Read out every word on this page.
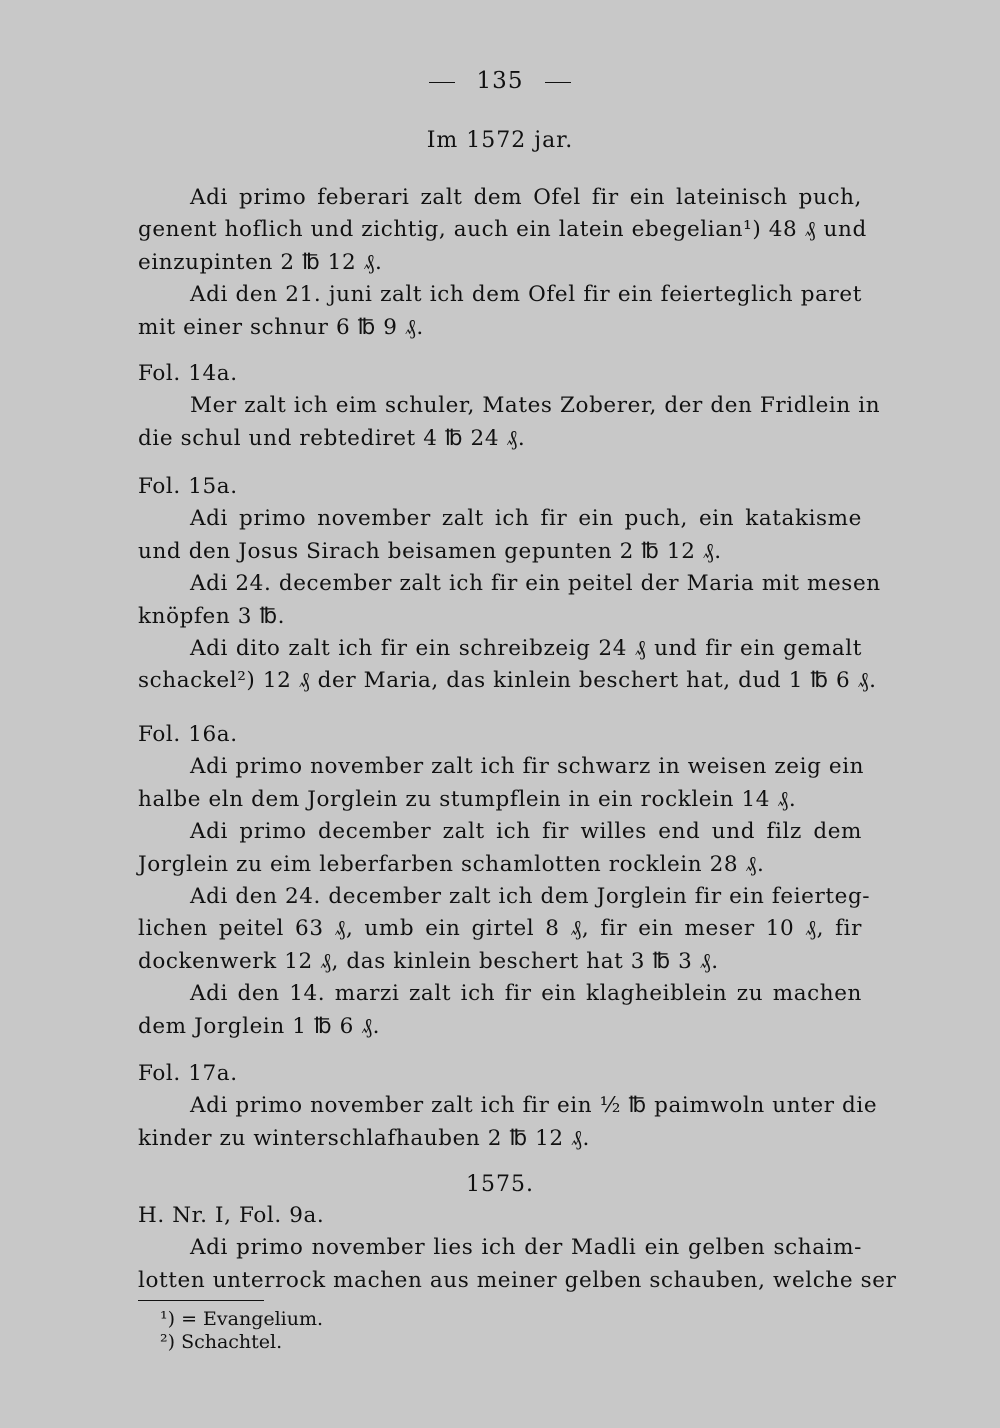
135
Im 1572 jar.
Adi primo feberari zalt dem Ofel fir ein lateinisch puch,
genent hoflich und zichtig, auch ein latein ebegelian¹) 48 ₰ und
einzupinten 2 ℔ 12 ₰.
Adi den 21. juni zalt ich dem Ofel fir ein feierteglich paret
mit einer schnur 6 ℔ 9 ₰.
Fol. 14a.
Mer zalt ich eim schuler, Mates Zoberer, der den Fridlein in
die schul und rebtediret 4 ℔ 24 ₰.
Fol. 15a.
Adi primo november zalt ich fir ein puch, ein katakisme
und den Josus Sirach beisamen gepunten 2 ℔ 12 ₰.
Adi 24. december zalt ich fir ein peitel der Maria mit mesen
knöpfen 3 ℔.
Adi dito zalt ich fir ein schreibzeig 24 ₰ und fir ein gemalt
schackel²) 12 ₰ der Maria, das kinlein beschert hat, dud 1 ℔ 6 ₰.
Fol. 16a.
Adi primo november zalt ich fir schwarz in weisen zeig ein
halbe eln dem Jorglein zu stumpflein in ein rocklein 14 ₰.
Adi primo december zalt ich fir willes end und filz dem
Jorglein zu eim leberfarben schamlotten rocklein 28 ₰.
Adi den 24. december zalt ich dem Jorglein fir ein feierteg-
lichen peitel 63 ₰, umb ein girtel 8 ₰, fir ein meser 10 ₰, fir
dockenwerk 12 ₰, das kinlein beschert hat 3 ℔ 3 ₰.
Adi den 14. marzi zalt ich fir ein klagheiblein zu machen
dem Jorglein 1 ℔ 6 ₰.
Fol. 17a.
Adi primo november zalt ich fir ein ½ ℔ paimwoln unter die
kinder zu winterschlafhauben 2 ℔ 12 ₰.
1575.
H. Nr. I, Fol. 9a.
Adi primo november lies ich der Madli ein gelben schaim-
lotten unterrock machen aus meiner gelben schauben, welche ser
¹) = Evangelium.
²) Schachtel.
